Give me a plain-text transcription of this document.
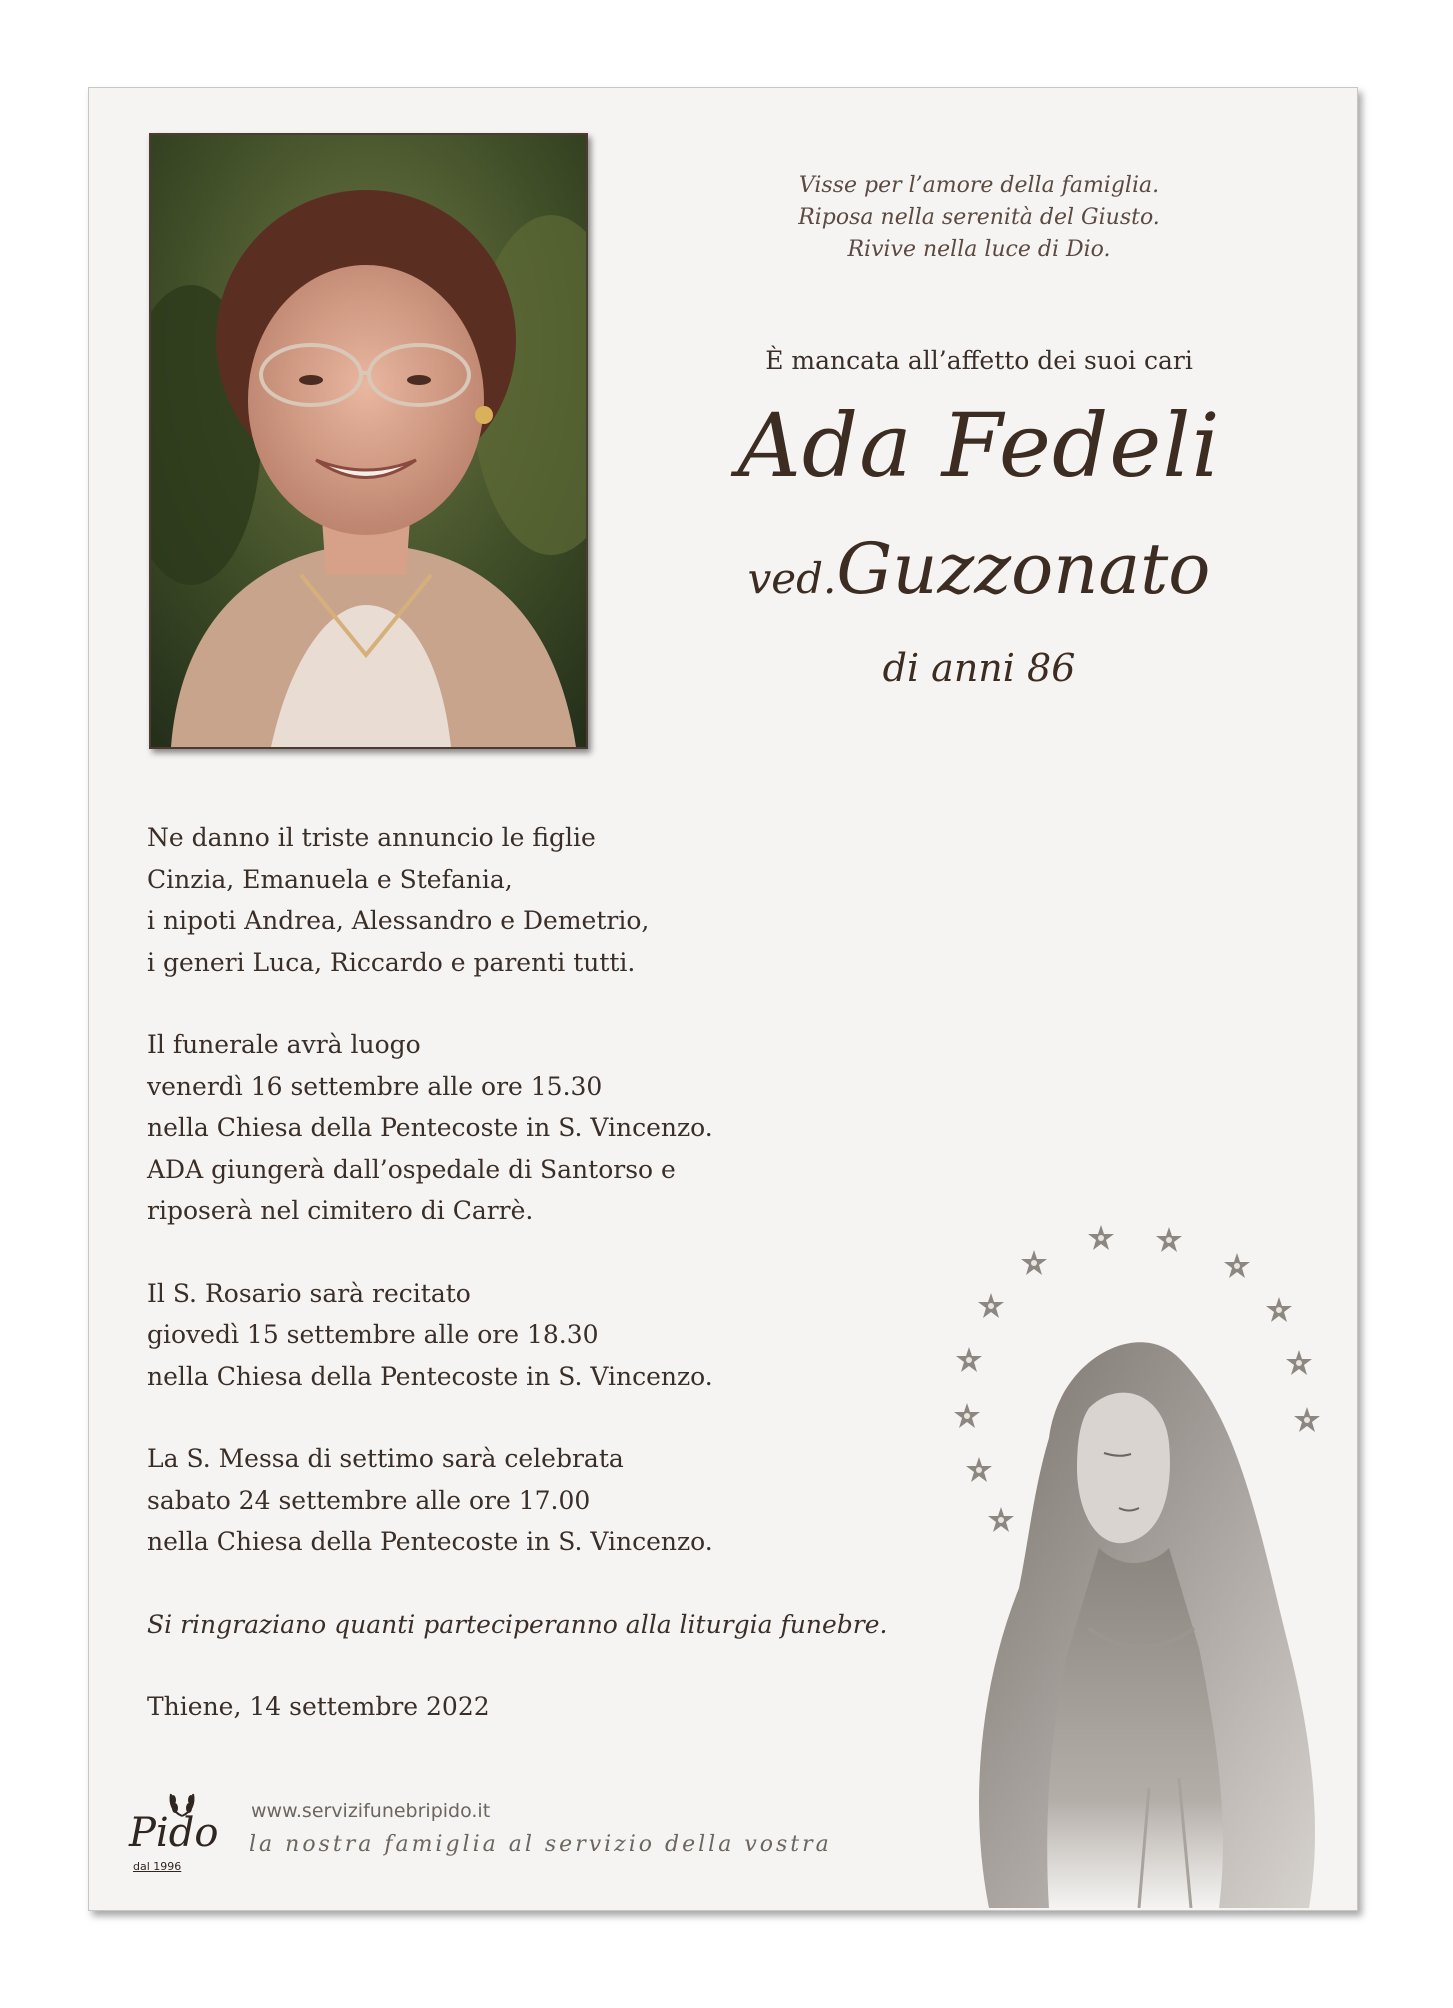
Visse per l’amore della famiglia.
Riposa nella serenità del Giusto.
Rivive nella luce di Dio.
È mancata all’affetto dei suoi cari
Ada Fedeli
ved.Guzzonato
di anni 86
Ne danno il triste annuncio le figlie
Cinzia, Emanuela e Stefania,
i nipoti Andrea, Alessandro e Demetrio,
i generi Luca, Riccardo e parenti tutti.
Il funerale avrà luogo
venerdì 16 settembre alle ore 15.30
nella Chiesa della Pentecoste in S. Vincenzo.
ADA giungerà dall’ospedale di Santorso e
riposerà nel cimitero di Carrè.
Il S. Rosario sarà recitato
giovedì 15 settembre alle ore 18.30
nella Chiesa della Pentecoste in S. Vincenzo.
La S. Messa di settimo sarà celebrata
sabato 24 settembre alle ore 17.00
nella Chiesa della Pentecoste in S. Vincenzo.
Si ringraziano quanti parteciperanno alla liturgia funebre.
Thiene, 14 settembre 2022
Pido
dal 1996
www.servizifunebripido.it
la nostra famiglia al servizio della vostra
